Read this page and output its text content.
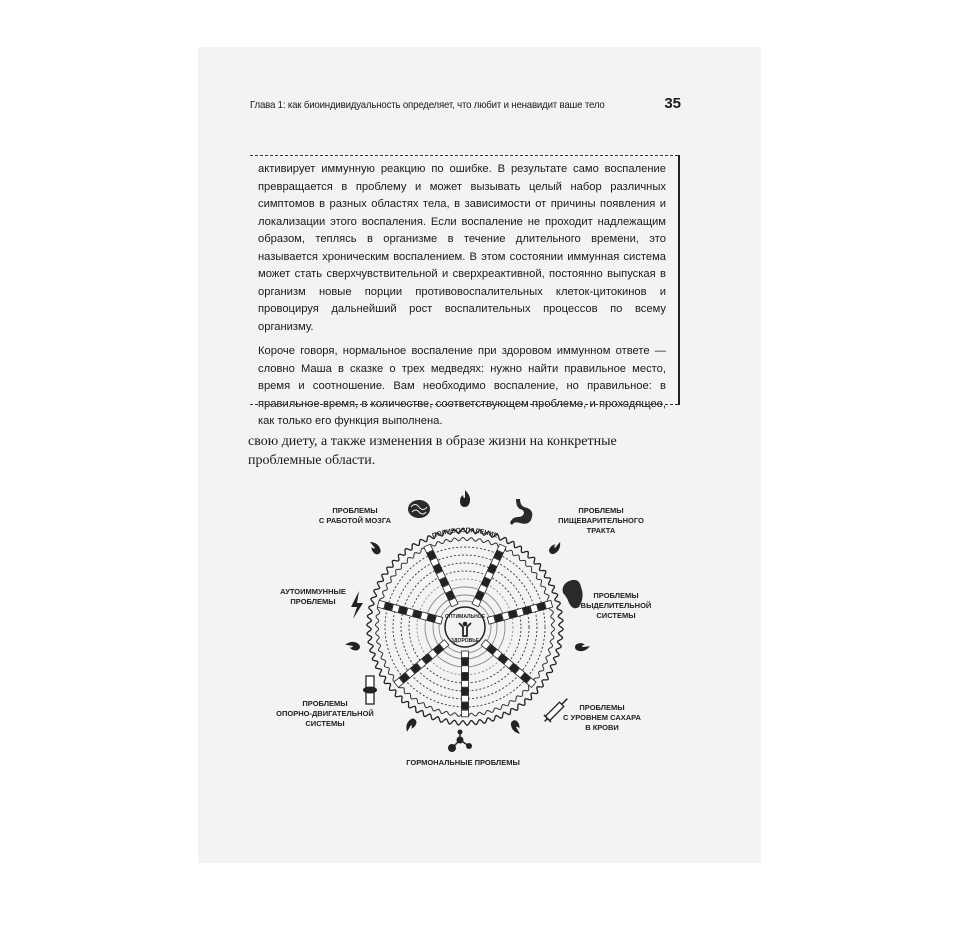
Глава 1: как биоиндивидуальность определяет, что любит и ненавидит ваше тело	35

активирует иммунную реакцию по ошибке. В результате само воспаление превращается в проблему и может вызывать целый набор различных симптомов в разных областях тела, в зависимости от причины появления и локализации этого воспаления. Если воспаление не проходит надлежащим образом, теплясь в организме в течение длительного времени, это называется хроническим воспалением. В этом состоянии иммунная система может стать сверхчувствительной и сверхреактивной, постоянно выпуская в организм новые порции противовоспалительных клеток-цитокинов и провоцируя дальнейший рост воспалительных процессов по всему организму.

Короче говоря, нормальное воспаление при здоровом иммунном ответе — словно Маша в сказке о трех медведях: нужно найти правильное место, время и соотношение. Вам необходимо воспаление, но правильное: в правильное время, в количестве, соответствующем проблеме, и проходящее, как только его функция выполнена.

свою диету, а также изменения в образе жизни на конкретные проблемные области.
ПОЛИВОСПАЛЕНИЕ
ОПТИМАЛЬНОЕ
ЗДОРОВЬЕ
ПРОБЛЕМЫ С РАБОТОЙ МОЗГА
ПРОБЛЕМЫ ПИЩЕВАРИТЕЛЬНОГО ТРАКТА
ПРОБЛЕМЫ ВЫДЕЛИТЕЛЬНОЙ СИСТЕМЫ
ПРОБЛЕМЫ С УРОВНЕМ САХАРА В КРОВИ
ГОРМОНАЛЬНЫЕ ПРОБЛЕМЫ
ПРОБЛЕМЫ ОПОРНО-ДВИГАТЕЛЬНОЙ СИСТЕМЫ
АУТОИММУННЫЕ ПРОБЛЕМЫ
